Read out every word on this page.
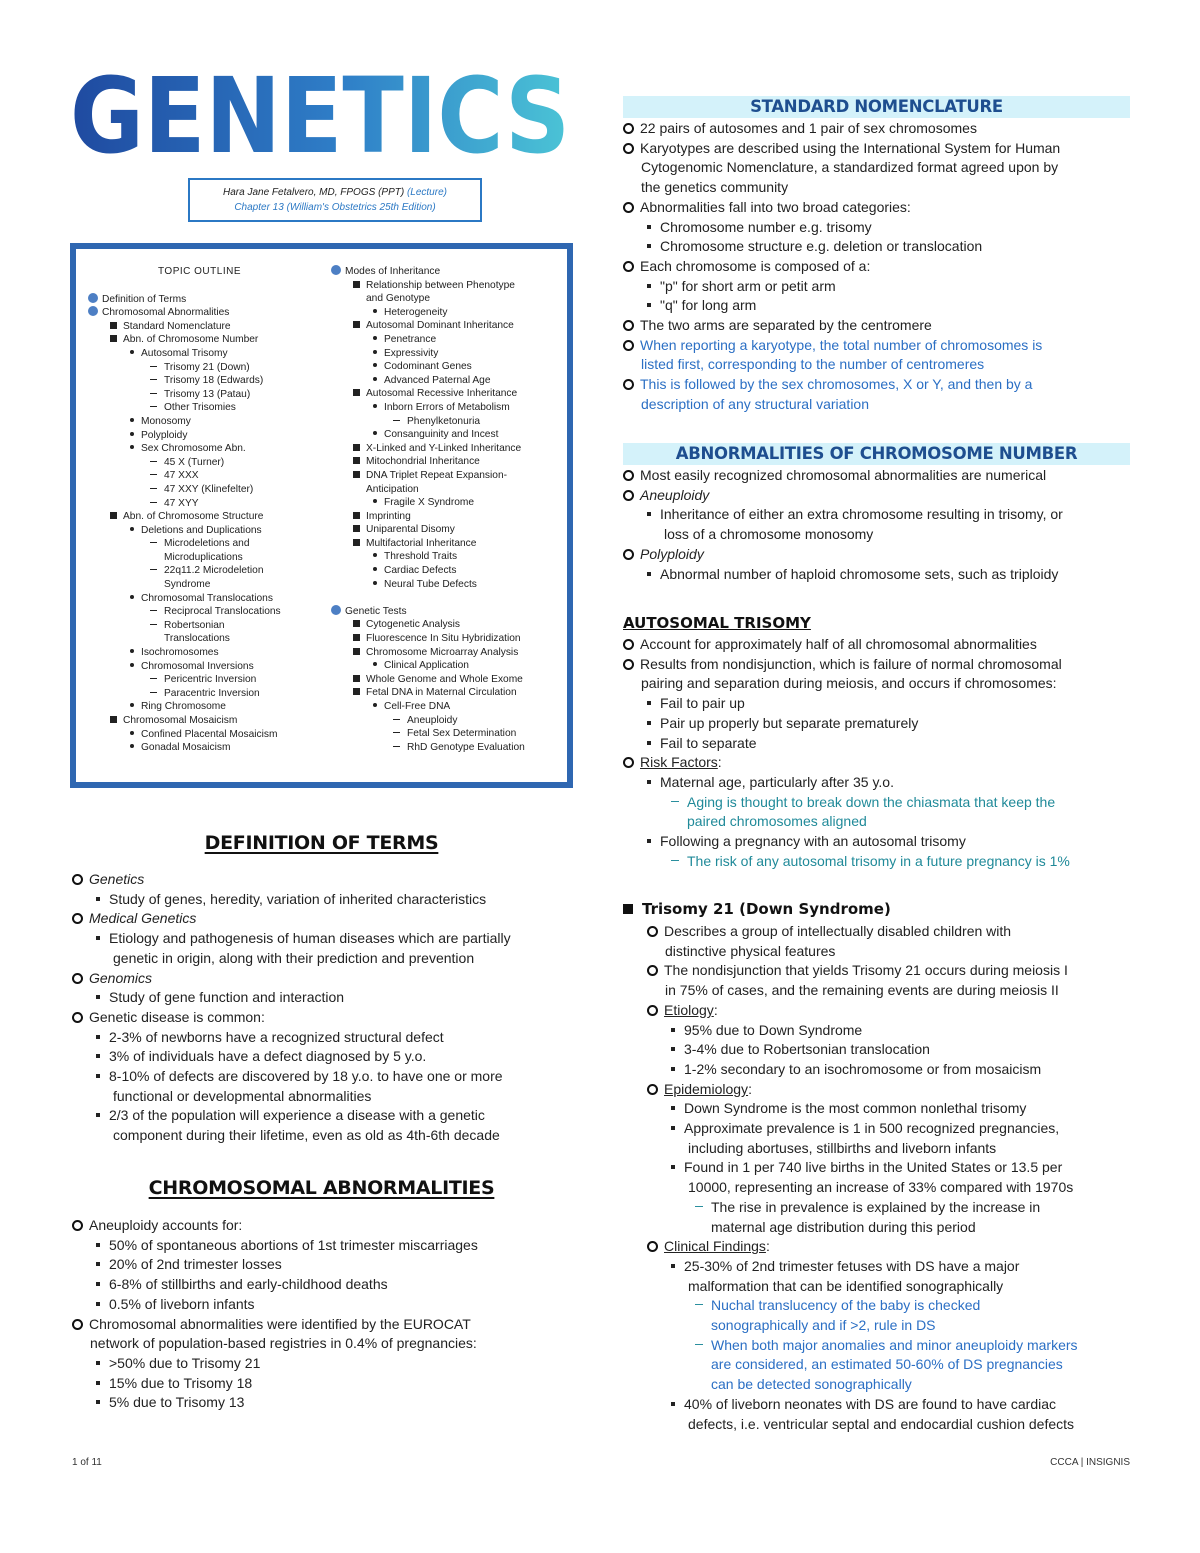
GENETICS
Hara Jane Fetalvero, MD, FPOGS (PPT) (Lecture)
Chapter 13 (William's Obstetrics 25th Edition)
TOPIC OUTLINE
Definition of Terms
Chromosomal Abnormalities
Standard Nomenclature
Abn. of Chromosome Number
Autosomal Trisomy
Trisomy 21 (Down)
Trisomy 18 (Edwards)
Trisomy 13 (Patau)
Other Trisomies
Monosomy
Polyploidy
Sex Chromosome Abn.
45 X (Turner)
47 XXX
47 XXY (Klinefelter)
47 XYY
Abn. of Chromosome Structure
Deletions and Duplications
Microdeletions and
Microduplications
22q11.2 Microdeletion
Syndrome
Chromosomal Translocations
Reciprocal Translocations
Robertsonian
Translocations
Isochromosomes
Chromosomal Inversions
Pericentric Inversion
Paracentric Inversion
Ring Chromosome
Chromosomal Mosaicism
Confined Placental Mosaicism
Gonadal Mosaicism
Modes of Inheritance
Relationship between Phenotype
and Genotype
Heterogeneity
Autosomal Dominant Inheritance
Penetrance
Expressivity
Codominant Genes
Advanced Paternal Age
Autosomal Recessive Inheritance
Inborn Errors of Metabolism
Phenylketonuria
Consanguinity and Incest
X-Linked and Y-Linked Inheritance
Mitochondrial Inheritance
DNA Triplet Repeat Expansion-
Anticipation
Fragile X Syndrome
Imprinting
Uniparental Disomy
Multifactorial Inheritance
Threshold Traits
Cardiac Defects
Neural Tube Defects
Genetic Tests
Cytogenetic Analysis
Fluorescence In Situ Hybridization
Chromosome Microarray Analysis
Clinical Application
Whole Genome and Whole Exome
Fetal DNA in Maternal Circulation
Cell-Free DNA
Aneuploidy
Fetal Sex Determination
RhD Genotype Evaluation
DEFINITION OF TERMS
Genetics
Study of genes, heredity, variation of inherited characteristics
Medical Genetics
Etiology and pathogenesis of human diseases which are partially
genetic in origin, along with their prediction and prevention
Genomics
Study of gene function and interaction
Genetic disease is common:
2-3% of newborns have a recognized structural defect
3% of individuals have a defect diagnosed by 5 y.o.
8-10% of defects are discovered by 18 y.o. to have one or more
functional or developmental abnormalities
2/3 of the population will experience a disease with a genetic
component during their lifetime, even as old as 4th-6th decade
CHROMOSOMAL ABNORMALITIES
Aneuploidy accounts for:
50% of spontaneous abortions of 1st trimester miscarriages
20% of 2nd trimester losses
6-8% of stillbirths and early-childhood deaths
0.5% of liveborn infants
Chromosomal abnormalities were identified by the EUROCAT
network of population-based registries in 0.4% of pregnancies:
>50% due to Trisomy 21
15% due to Trisomy 18
5% due to Trisomy 13
STANDARD NOMENCLATURE
22 pairs of autosomes and 1 pair of sex chromosomes
Karyotypes are described using the International System for Human
Cytogenomic Nomenclature, a standardized format agreed upon by
the genetics community
Abnormalities fall into two broad categories:
Chromosome number e.g. trisomy
Chromosome structure e.g. deletion or translocation
Each chromosome is composed of a:
"p" for short arm or petit arm
"q" for long arm
The two arms are separated by the centromere
When reporting a karyotype, the total number of chromosomes is
listed first, corresponding to the number of centromeres
This is followed by the sex chromosomes, X or Y, and then by a
description of any structural variation
ABNORMALITIES OF CHROMOSOME NUMBER
Most easily recognized chromosomal abnormalities are numerical
Aneuploidy
Inheritance of either an extra chromosome resulting in trisomy, or
loss of a chromosome monosomy
Polyploidy
Abnormal number of haploid chromosome sets, such as triploidy
AUTOSOMAL TRISOMY
Account for approximately half of all chromosomal abnormalities
Results from nondisjunction, which is failure of normal chromosomal
pairing and separation during meiosis, and occurs if chromosomes:
Fail to pair up
Pair up properly but separate prematurely
Fail to separate
Risk Factors:
Maternal age, particularly after 35 y.o.
Aging is thought to break down the chiasmata that keep the
paired chromosomes aligned
Following a pregnancy with an autosomal trisomy
The risk of any autosomal trisomy in a future pregnancy is 1%
Trisomy 21 (Down Syndrome)
Describes a group of intellectually disabled children with
distinctive physical features
The nondisjunction that yields Trisomy 21 occurs during meiosis I
in 75% of cases, and the remaining events are during meiosis II
Etiology:
95% due to Down Syndrome
3-4% due to Robertsonian translocation
1-2% secondary to an isochromosome or from mosaicism
Epidemiology:
Down Syndrome is the most common nonlethal trisomy
Approximate prevalence is 1 in 500 recognized pregnancies,
including abortuses, stillbirths and liveborn infants
Found in 1 per 740 live births in the United States or 13.5 per
10000, representing an increase of 33% compared with 1970s
The rise in prevalence is explained by the increase in
maternal age distribution during this period
Clinical Findings:
25-30% of 2nd trimester fetuses with DS have a major
malformation that can be identified sonographically
Nuchal translucency of the baby is checked
sonographically and if >2, rule in DS
When both major anomalies and minor aneuploidy markers
are considered, an estimated 50-60% of DS pregnancies
can be detected sonographically
40% of liveborn neonates with DS are found to have cardiac
defects, i.e. ventricular septal and endocardial cushion defects
1 of 11	CCCA | INSIGNIS
